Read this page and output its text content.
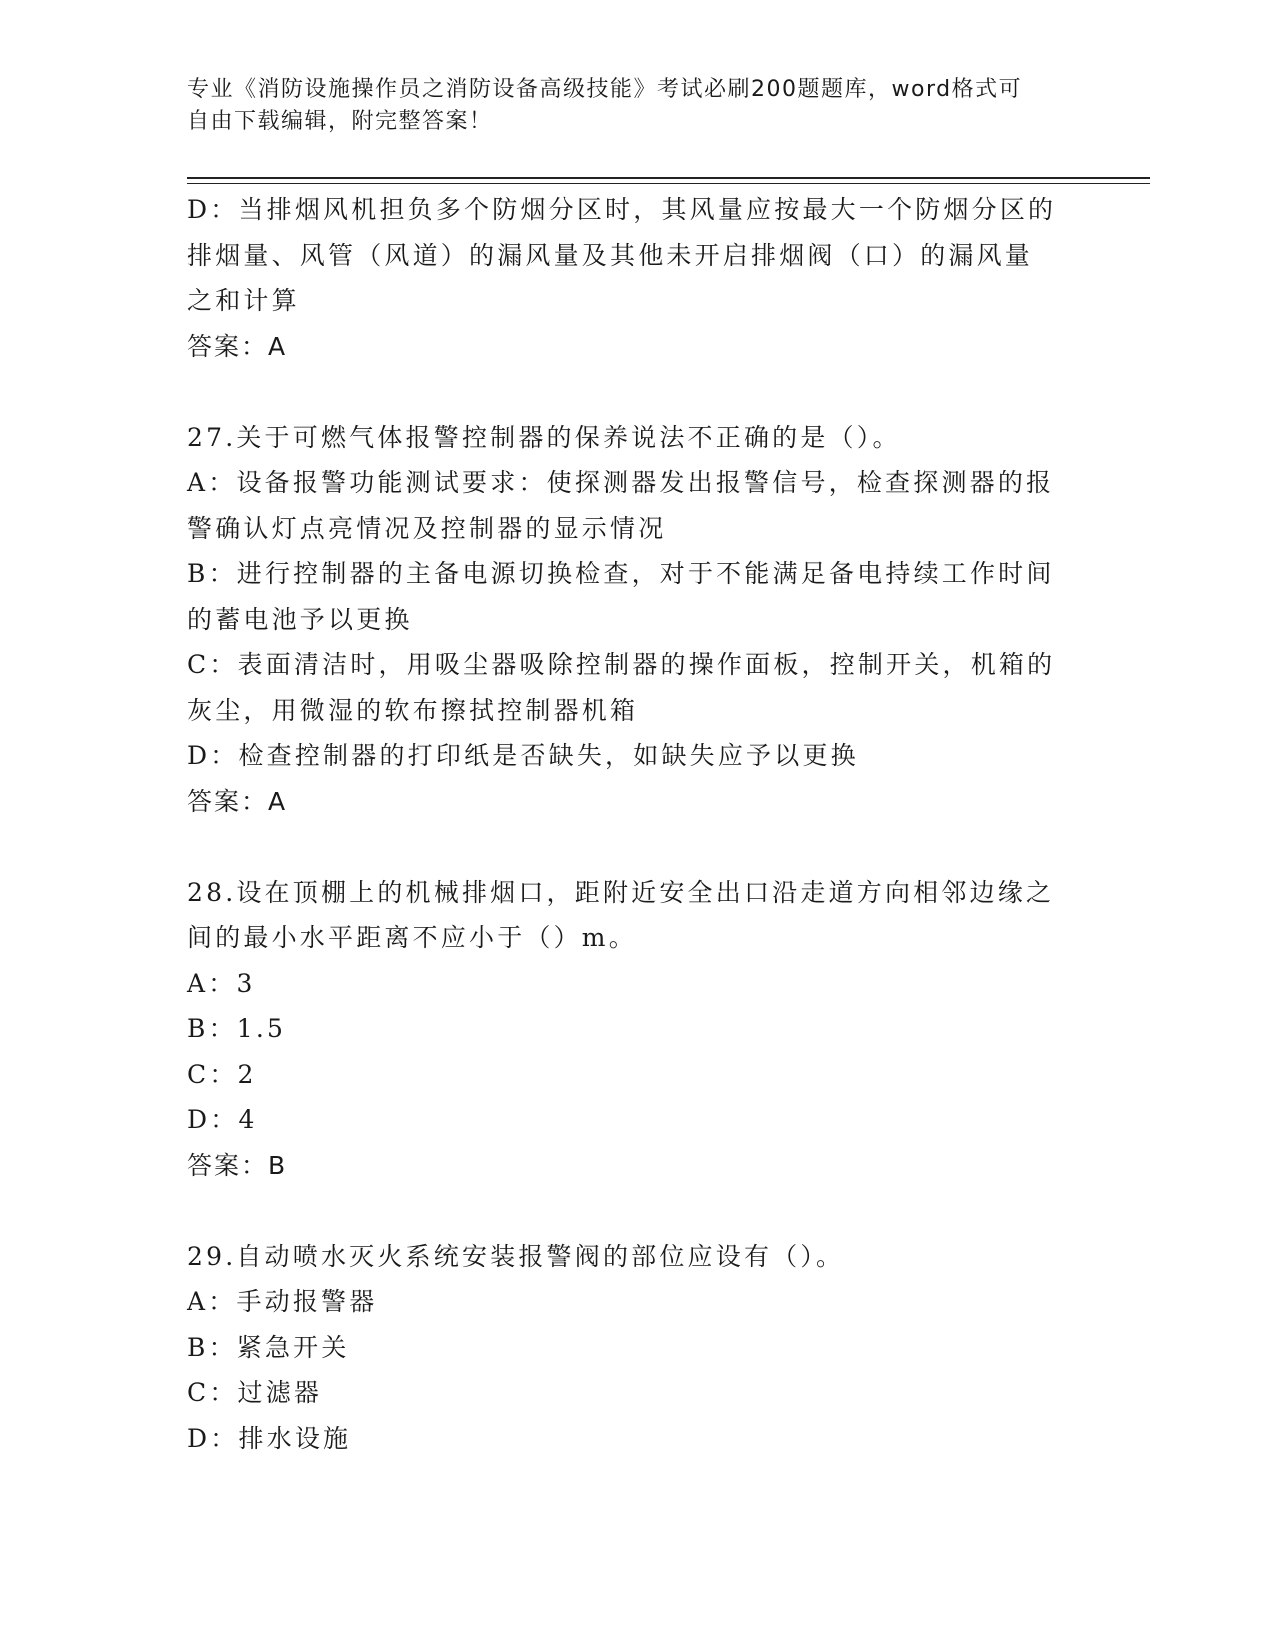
专业《消防设施操作员之消防设备高级技能》考试必刷200题题库，word格式可
自由下载编辑，附完整答案！

D：当排烟风机担负多个防烟分区时，其风量应按最大一个防烟分区的

排烟量、风管（风道）的漏风量及其他未开启排烟阀（口）的漏风量

之和计算

答案：A

27.关于可燃气体报警控制器的保养说法不正确的是（）。

A：设备报警功能测试要求：使探测器发出报警信号，检查探测器的报

警确认灯点亮情况及控制器的显示情况

B：进行控制器的主备电源切换检查，对于不能满足备电持续工作时间

的蓄电池予以更换

C：表面清洁时，用吸尘器吸除控制器的操作面板，控制开关，机箱的

灰尘，用微湿的软布擦拭控制器机箱

D：检查控制器的打印纸是否缺失，如缺失应予以更换

答案：A

28.设在顶棚上的机械排烟口，距附近安全出口沿走道方向相邻边缘之

间的最小水平距离不应小于（）m。

A：3

B：1.5

C：2

D：4

答案：B

29.自动喷水灭火系统安装报警阀的部位应设有（）。

A：手动报警器

B：紧急开关

C：过滤器

D：排水设施
